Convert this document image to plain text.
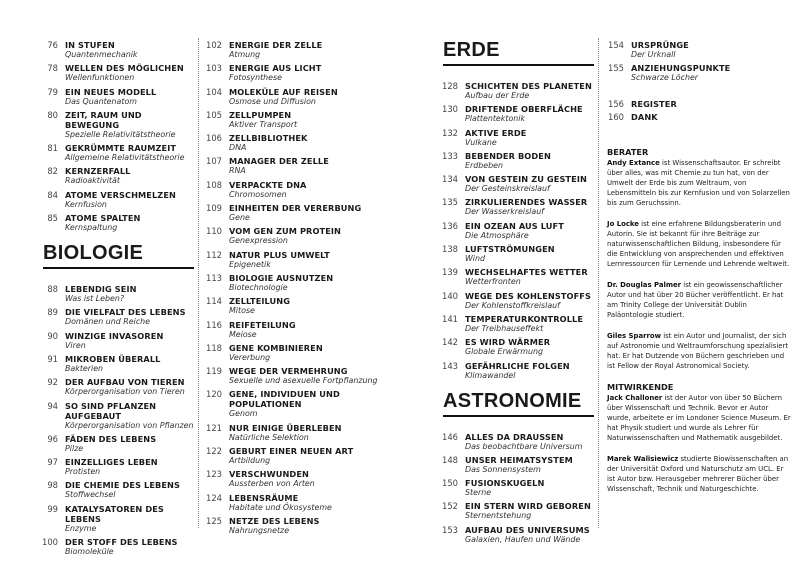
76 IN STUFEN
Quantenmechanik
78 WELLEN DES MÖGLICHEN
Wellenfunktionen
79 EIN NEUES MODELL
Das Quantenatom
80 ZEIT, RAUM UND BEWEGUNG
Spezielle Relativitätstheorie
81 GEKRÜMMTE RAUMZEIT
Allgemeine Relativitätstheorie
82 KERNZERFALL
Radioaktivität
84 ATOME VERSCHMELZEN
Kernfusion
85 ATOME SPALTEN
Kernspaltung
BIOLOGIE
88 LEBENDIG SEIN
Was ist Leben?
89 DIE VIELFALT DES LEBENS
Domänen und Reiche
90 WINZIGE INVASOREN
Viren
91 MIKROBEN ÜBERALL
Bakterien
92 DER AUFBAU VON TIEREN
Körperorganisation von Tieren
94 SO SIND PFLANZEN AUFGEBAUT
Körperorganisation von Pflanzen
96 FÄDEN DES LEBENS
Pilze
97 EINZELLIGES LEBEN
Protisten
98 DIE CHEMIE DES LEBENS
Stoffwechsel
99 KATALYSATOREN DES LEBENS
Enzyme
100 DER STOFF DES LEBENS
Biomoleküle
102 ENERGIE DER ZELLE
Atmung
103 ENERGIE AUS LICHT
Fotosynthese
104 MOLEKÜLE AUF REISEN
Osmose und Diffusion
105 ZELLPUMPEN
Aktiver Transport
106 ZELLBIBLIOTHEK
DNA
107 MANAGER DER ZELLE
RNA
108 VERPACKTE DNA
Chromosomen
109 EINHEITEN DER VERERBUNG
Gene
110 VOM GEN ZUM PROTEIN
Genexpression
112 NATUR PLUS UMWELT
Epigenetik
113 BIOLOGIE AUSNUTZEN
Biotechnologie
114 ZELLTEILUNG
Mitose
116 REIFETEILUNG
Meiose
118 GENE KOMBINIEREN
Vererbung
119 WEGE DER VERMEHRUNG
Sexuelle und asexuelle Fortpflanzung
120 GENE, INDIVIDUEN UND POPULATIONEN
Genom
121 NUR EINIGE ÜBERLEBEN
Natürliche Selektion
122 GEBURT EINER NEUEN ART
Artbildung
123 VERSCHWUNDEN
Aussterben von Arten
124 LEBENSRÄUME
Habitate und Ökosysteme
125 NETZE DES LEBENS
Nahrungsnetze
ERDE
128 SCHICHTEN DES PLANETEN
Aufbau der Erde
130 DRIFTENDE OBERFLÄCHE
Plattentektonik
132 AKTIVE ERDE
Vulkane
133 BEBENDER BODEN
Erdbeben
134 VON GESTEIN ZU GESTEIN
Der Gesteinskreislauf
135 ZIRKULIERENDES WASSER
Der Wasserkreislauf
136 EIN OZEAN AUS LUFT
Die Atmosphäre
138 LUFTSTRÖMUNGEN
Wind
139 WECHSELHAFTES WETTER
Wetterfronten
140 WEGE DES KOHLENSTOFFS
Der Kohlenstoffkreislauf
141 TEMPERATURKONTROLLE
Der Treibhauseffekt
142 ES WIRD WÄRMER
Globale Erwärmung
143 GEFÄHRLICHE FOLGEN
Klimawandel
ASTRONOMIE
146 ALLES DA DRAUSSEN
Das beobachtbare Universum
148 UNSER HEIMATSYSTEM
Das Sonnensystem
150 FUSIONSKUGELN
Sterne
152 EIN STERN WIRD GEBOREN
Sternentstehung
153 AUFBAU DES UNIVERSUMS
Galaxien, Haufen und Wände
154 URSPRÜNGE
Der Urknall
155 ANZIEHUNGSPUNKTE
Schwarze Löcher
156 REGISTER
160 DANK
BERATER
Andy Extance ist Wissenschaftsautor. Er schreibt über alles, was mit Chemie zu tun hat, von der Umwelt der Erde bis zum Weltraum, von Lebensmitteln bis zur Kernfusion und von Solarzellen bis zum Geruchssinn.
Jo Locke ist eine erfahrene Bildungsberaterin und Autorin. Sie ist bekannt für ihre Beiträge zur naturwissenschaftlichen Bildung, insbesondere für die Entwicklung von ansprechenden und effektiven Lernressourcen für Lernende und Lehrende weltweit.
Dr. Douglas Palmer ist ein geowissenschaftlicher Autor und hat über 20 Bücher veröffentlicht. Er hat am Trinity College der Universität Dublin Paläontologie studiert.
Giles Sparrow ist ein Autor und Journalist, der sich auf Astronomie und Weltraumforschung spezialisiert hat. Er hat Dutzende von Büchern geschrieben und ist Fellow der Royal Astronomical Society.
MITWIRKENDE
Jack Challoner ist der Autor von über 50 Büchern über Wissenschaft und Technik. Bevor er Autor wurde, arbeitete er im Londoner Science Museum. Er hat Physik studiert und wurde als Lehrer für Naturwissenschaften und Mathematik ausgebildet.
Marek Walisiewicz studierte Biowissenschaften an der Universität Oxford und Naturschutz am UCL. Er ist Autor bzw. Herausgeber mehrerer Bücher über Wissenschaft, Technik und Naturgeschichte.
